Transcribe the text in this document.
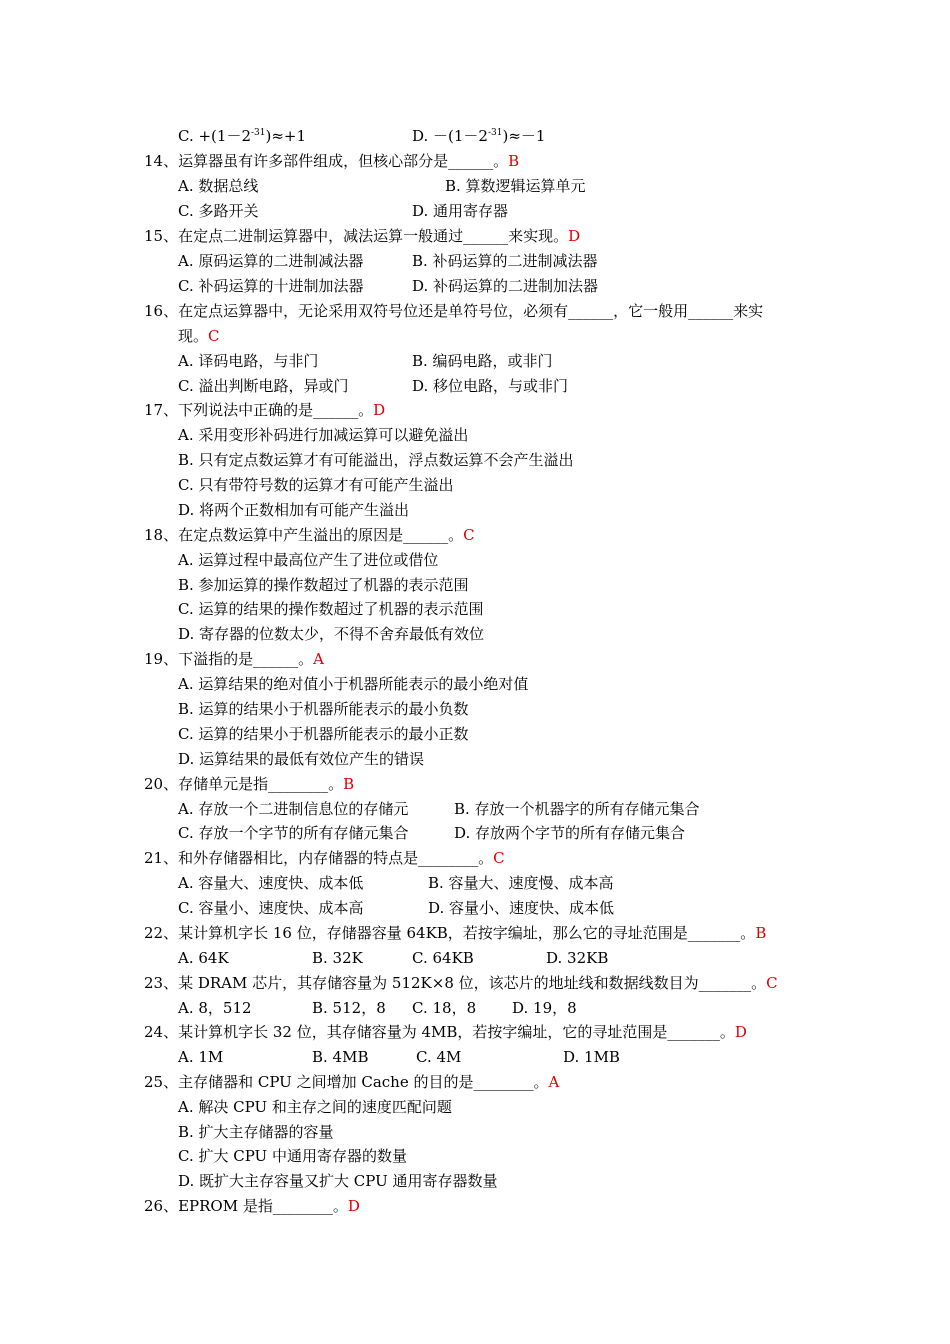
C. $+(1-2^{-31})\approx+1$	D. $-(1-2^{-31})\approx-1$
14、运算器虽有许多部件组成，但核心部分是______。B
A. 数据总线	B. 算数逻辑运算单元
C. 多路开关	D. 通用寄存器
15、在定点二进制运算器中，减法运算一般通过______来实现。D
A. 原码运算的二进制减法器	B. 补码运算的二进制减法器
C. 补码运算的十进制加法器	D. 补码运算的二进制加法器
16、在定点运算器中，无论采用双符号位还是单符号位，必须有______，它一般用______来实
现。C
A. 译码电路，与非门	B. 编码电路，或非门
C. 溢出判断电路，异或门	D. 移位电路，与或非门
17、下列说法中正确的是______。D
A. 采用变形补码进行加减运算可以避免溢出
B. 只有定点数运算才有可能溢出，浮点数运算不会产生溢出
C. 只有带符号数的运算才有可能产生溢出
D. 将两个正数相加有可能产生溢出
18、在定点数运算中产生溢出的原因是______。C
A. 运算过程中最高位产生了进位或借位
B. 参加运算的操作数超过了机器的表示范围
C. 运算的结果的操作数超过了机器的表示范围
D. 寄存器的位数太少，不得不舍弃最低有效位
19、下溢指的是______。A
A. 运算结果的绝对值小于机器所能表示的最小绝对值
B. 运算的结果小于机器所能表示的最小负数
C. 运算的结果小于机器所能表示的最小正数
D. 运算结果的最低有效位产生的错误
20、存储单元是指________。B
A. 存放一个二进制信息位的存储元	B. 存放一个机器字的所有存储元集合
C. 存放一个字节的所有存储元集合	D. 存放两个字节的所有存储元集合
21、和外存储器相比，内存储器的特点是________。C
A. 容量大、速度快、成本低	B. 容量大、速度慢、成本高
C. 容量小、速度快、成本高	D. 容量小、速度快、成本低
22、某计算机字长 16 位，存储器容量 64KB，若按字编址，那么它的寻址范围是_______。B
A. 64K	B. 32K	C. 64KB	D. 32KB
23、某 DRAM 芯片，其存储容量为 512K×8 位，该芯片的地址线和数据线数目为_______。C
A. 8，512	B. 512，8 C. 18，8 D. 19，8
24、某计算机字长 32 位，其存储容量为 4MB，若按字编址，它的寻址范围是_______。D
A. 1M	B. 4MB	C. 4M	D. 1MB
25、主存储器和 CPU 之间增加 Cache 的目的是________。A
A. 解决 CPU 和主存之间的速度匹配问题
B. 扩大主存储器的容量
C. 扩大 CPU 中通用寄存器的数量
D. 既扩大主存容量又扩大 CPU 通用寄存器数量
26、EPROM 是指________。D
